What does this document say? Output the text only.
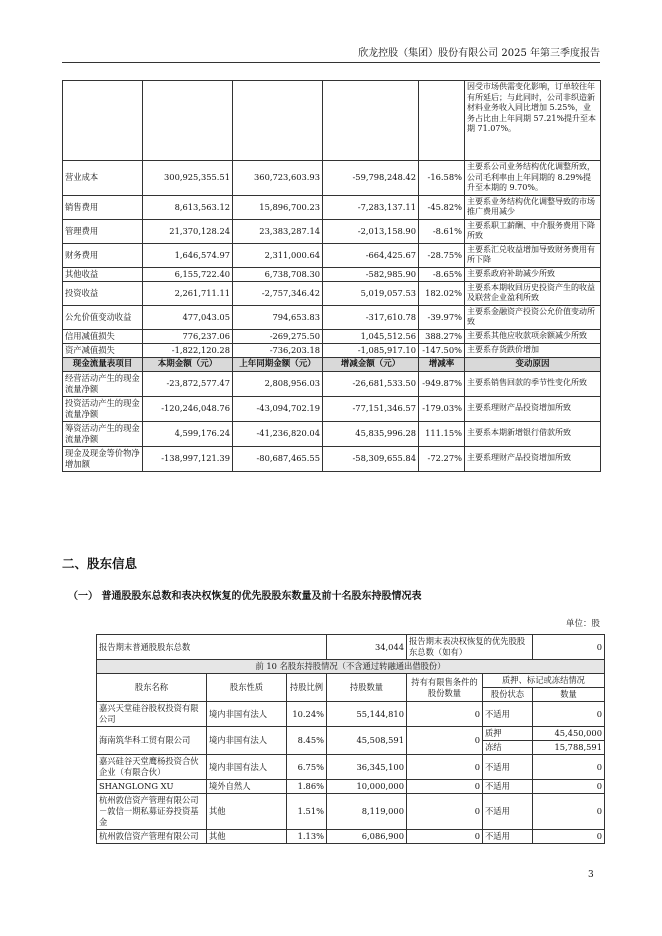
欣龙控股（集团）股份有限公司 2025 年第三季度报告
					因受市场供需变化影响，订单较往年有所延后；与此同时，公司非织造新材料业务收入同比增加 5.25%，业务占比由上年同期 57.21%提升至本期 71.07%。
营业成本	300,925,355.51	360,723,603.93	-59,798,248.42	-16.58%	主要系公司业务结构优化调整所致，公司毛利率由上年同期的 8.29%提升至本期的 9.70%。
销售费用	8,613,563.12	15,896,700.23	-7,283,137.11	-45.82%	主要系业务结构优化调整导致的市场推广费用减少
管理费用	21,370,128.24	23,383,287.14	-2,013,158.90	-8.61%	主要系职工薪酬、中介服务费用下降所致
财务费用	1,646,574.97	2,311,000.64	-664,425.67	-28.75%	主要系汇兑收益增加导致财务费用有所下降
其他收益	6,155,722.40	6,738,708.30	-582,985.90	-8.65%	主要系政府补助减少所致
投资收益	2,261,711.11	-2,757,346.42	5,019,057.53	182.02%	主要系本期收回历史投资产生的收益及联营企业盈利所致
公允价值变动收益	477,043.05	794,653.83	-317,610.78	-39.97%	主要系金融资产投资公允价值变动所致
信用减值损失	776,237.06	-269,275.50	1,045,512.56	388.27%	主要系其他应收款项余额减少所致
资产减值损失	-1,822,120.28	-736,203.18	-1,085,917.10	-147.50%	主要系存货跌价增加
现金流量表项目	本期金额（元）	上年同期金额（元）	增减金额（元）	增减率	变动原因
经营活动产生的现金流量净额	-23,872,577.47	2,808,956.03	-26,681,533.50	-949.87%	主要系销售回款的季节性变化所致
投资活动产生的现金流量净额	-120,246,048.76	-43,094,702.19	-77,151,346.57	-179.03%	主要系理财产品投资增加所致
筹资活动产生的现金流量净额	4,599,176.24	-41,236,820.04	45,835,996.28	111.15%	主要系本期新增银行借款所致
现金及现金等价物净增加额	-138,997,121.39	-80,687,465.55	-58,309,655.84	-72.27%	主要系理财产品投资增加所致
二、股东信息
（一） 普通股股东总数和表决权恢复的优先股股东数量及前十名股东持股情况表
单位：股
报告期末普通股股东总数			34,044	报告期末表决权恢复的优先股股东总数（如有）		0
前 10 名股东持股情况（不含通过转融通出借股份）						
股东名称	股东性质	持股比例	持股数量	持有有限售条件的股份数量	质押、标记或冻结情况	
					股份状态	数量
嘉兴天堂硅谷股权投资有限公司	境内非国有法人	10.24%	55,144,810	0	不适用	0
海南筑华科工贸有限公司	境内非国有法人	8.45%	45,508,591	0	质押	45,450,000
					冻结	15,788,591
嘉兴硅谷天堂鹰杨投资合伙企业（有限合伙）	境内非国有法人	6.75%	36,345,100	0	不适用	0
SHANGLONG XU	境外自然人	1.86%	10,000,000	0	不适用	0
杭州敦信资产管理有限公司－敦信一期私募证券投资基金	其他	1.51%	8,119,000	0	不适用	0
杭州敦信资产管理有限公司	其他	1.13%	6,086,900	0	不适用	0
3
